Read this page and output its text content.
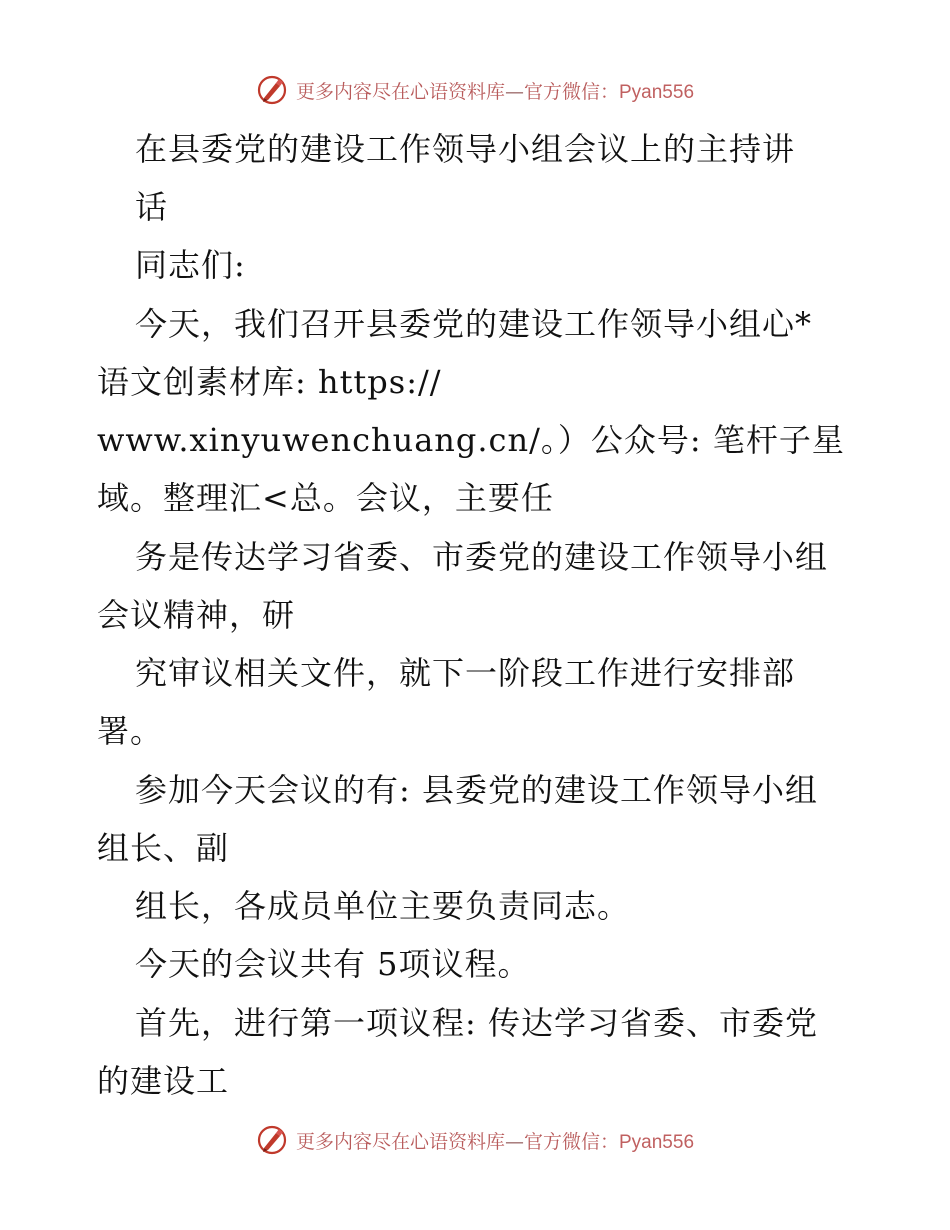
更多内容尽在心语资料库—官方微信：Pyan556
在县委党的建设工作领导小组会议上的主持讲
话
同志们:
今天，我们召开县委党的建设工作领导小组心*
语文创素材库: https://
www.xinyuwenchuang.cn/。）公众号: 笔杆子星
域。整理汇<总。会议，主要任
务是传达学习省委、市委党的建设工作领导小组
会议精神，研
究审议相关文件，就下一阶段工作进行安排部
署。
参加今天会议的有: 县委党的建设工作领导小组
组长、副
组长，各成员单位主要负责同志。
今天的会议共有 5项议程。
首先，进行第一项议程: 传达学习省委、市委党
的建设工
更多内容尽在心语资料库—官方微信：Pyan556
